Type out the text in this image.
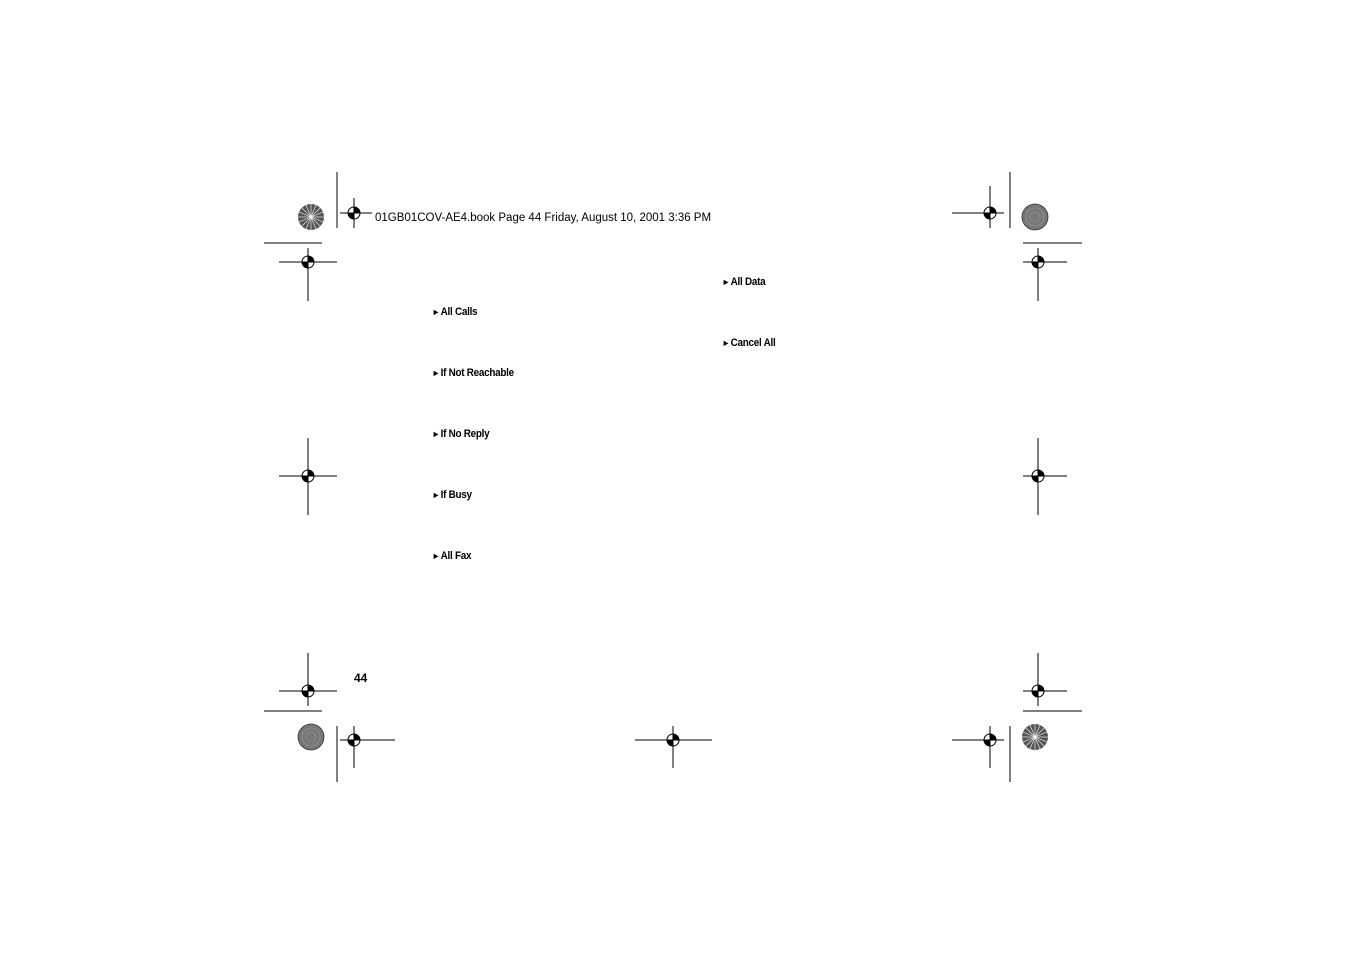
01GB01COV-AE4.book Page 44 Friday, August 10, 2001 3:36 PM
►All Calls
►If Not Reachable
►If No Reply
►If Busy
►All Fax
►All Data
►Cancel All
44
